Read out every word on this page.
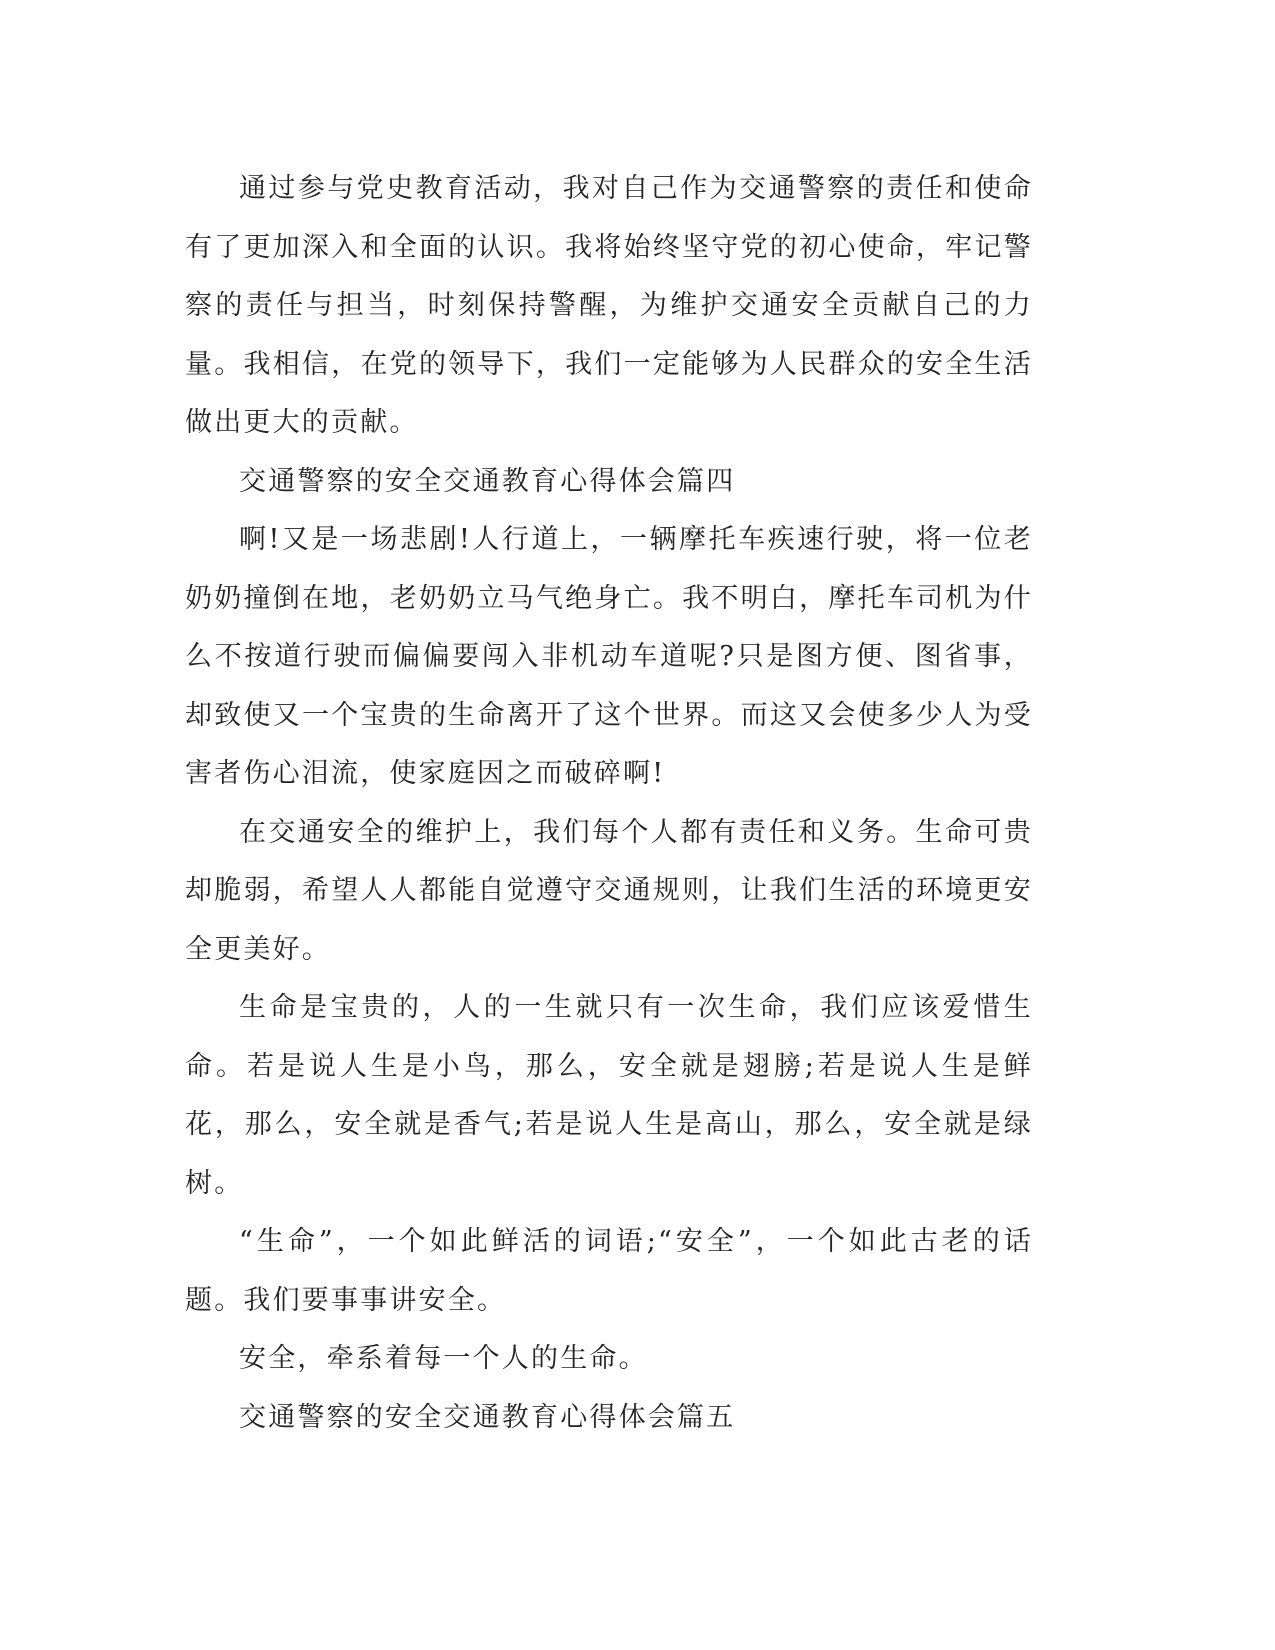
通过参与党史教育活动，我对自己作为交通警察的责任和使命有了更加深入和全面的认识。我将始终坚守党的初心使命，牢记警察的责任与担当，时刻保持警醒，为维护交通安全贡献自己的力量。我相信，在党的领导下，我们一定能够为人民群众的安全生活做出更大的贡献。

交通警察的安全交通教育心得体会篇四

啊!又是一场悲剧!人行道上，一辆摩托车疾速行驶，将一位老奶奶撞倒在地，老奶奶立马气绝身亡。我不明白，摩托车司机为什么不按道行驶而偏偏要闯入非机动车道呢?只是图方便、图省事，却致使又一个宝贵的生命离开了这个世界。而这又会使多少人为受害者伤心泪流，使家庭因之而破碎啊!

在交通安全的维护上，我们每个人都有责任和义务。生命可贵却脆弱，希望人人都能自觉遵守交通规则，让我们生活的环境更安全更美好。

生命是宝贵的，人的一生就只有一次生命，我们应该爱惜生命。若是说人生是小鸟，那么，安全就是翅膀;若是说人生是鲜花，那么，安全就是香气;若是说人生是高山，那么，安全就是绿树。

“生命”，一个如此鲜活的词语;“安全”，一个如此古老的话题。我们要事事讲安全。

安全，牵系着每一个人的生命。

交通警察的安全交通教育心得体会篇五
